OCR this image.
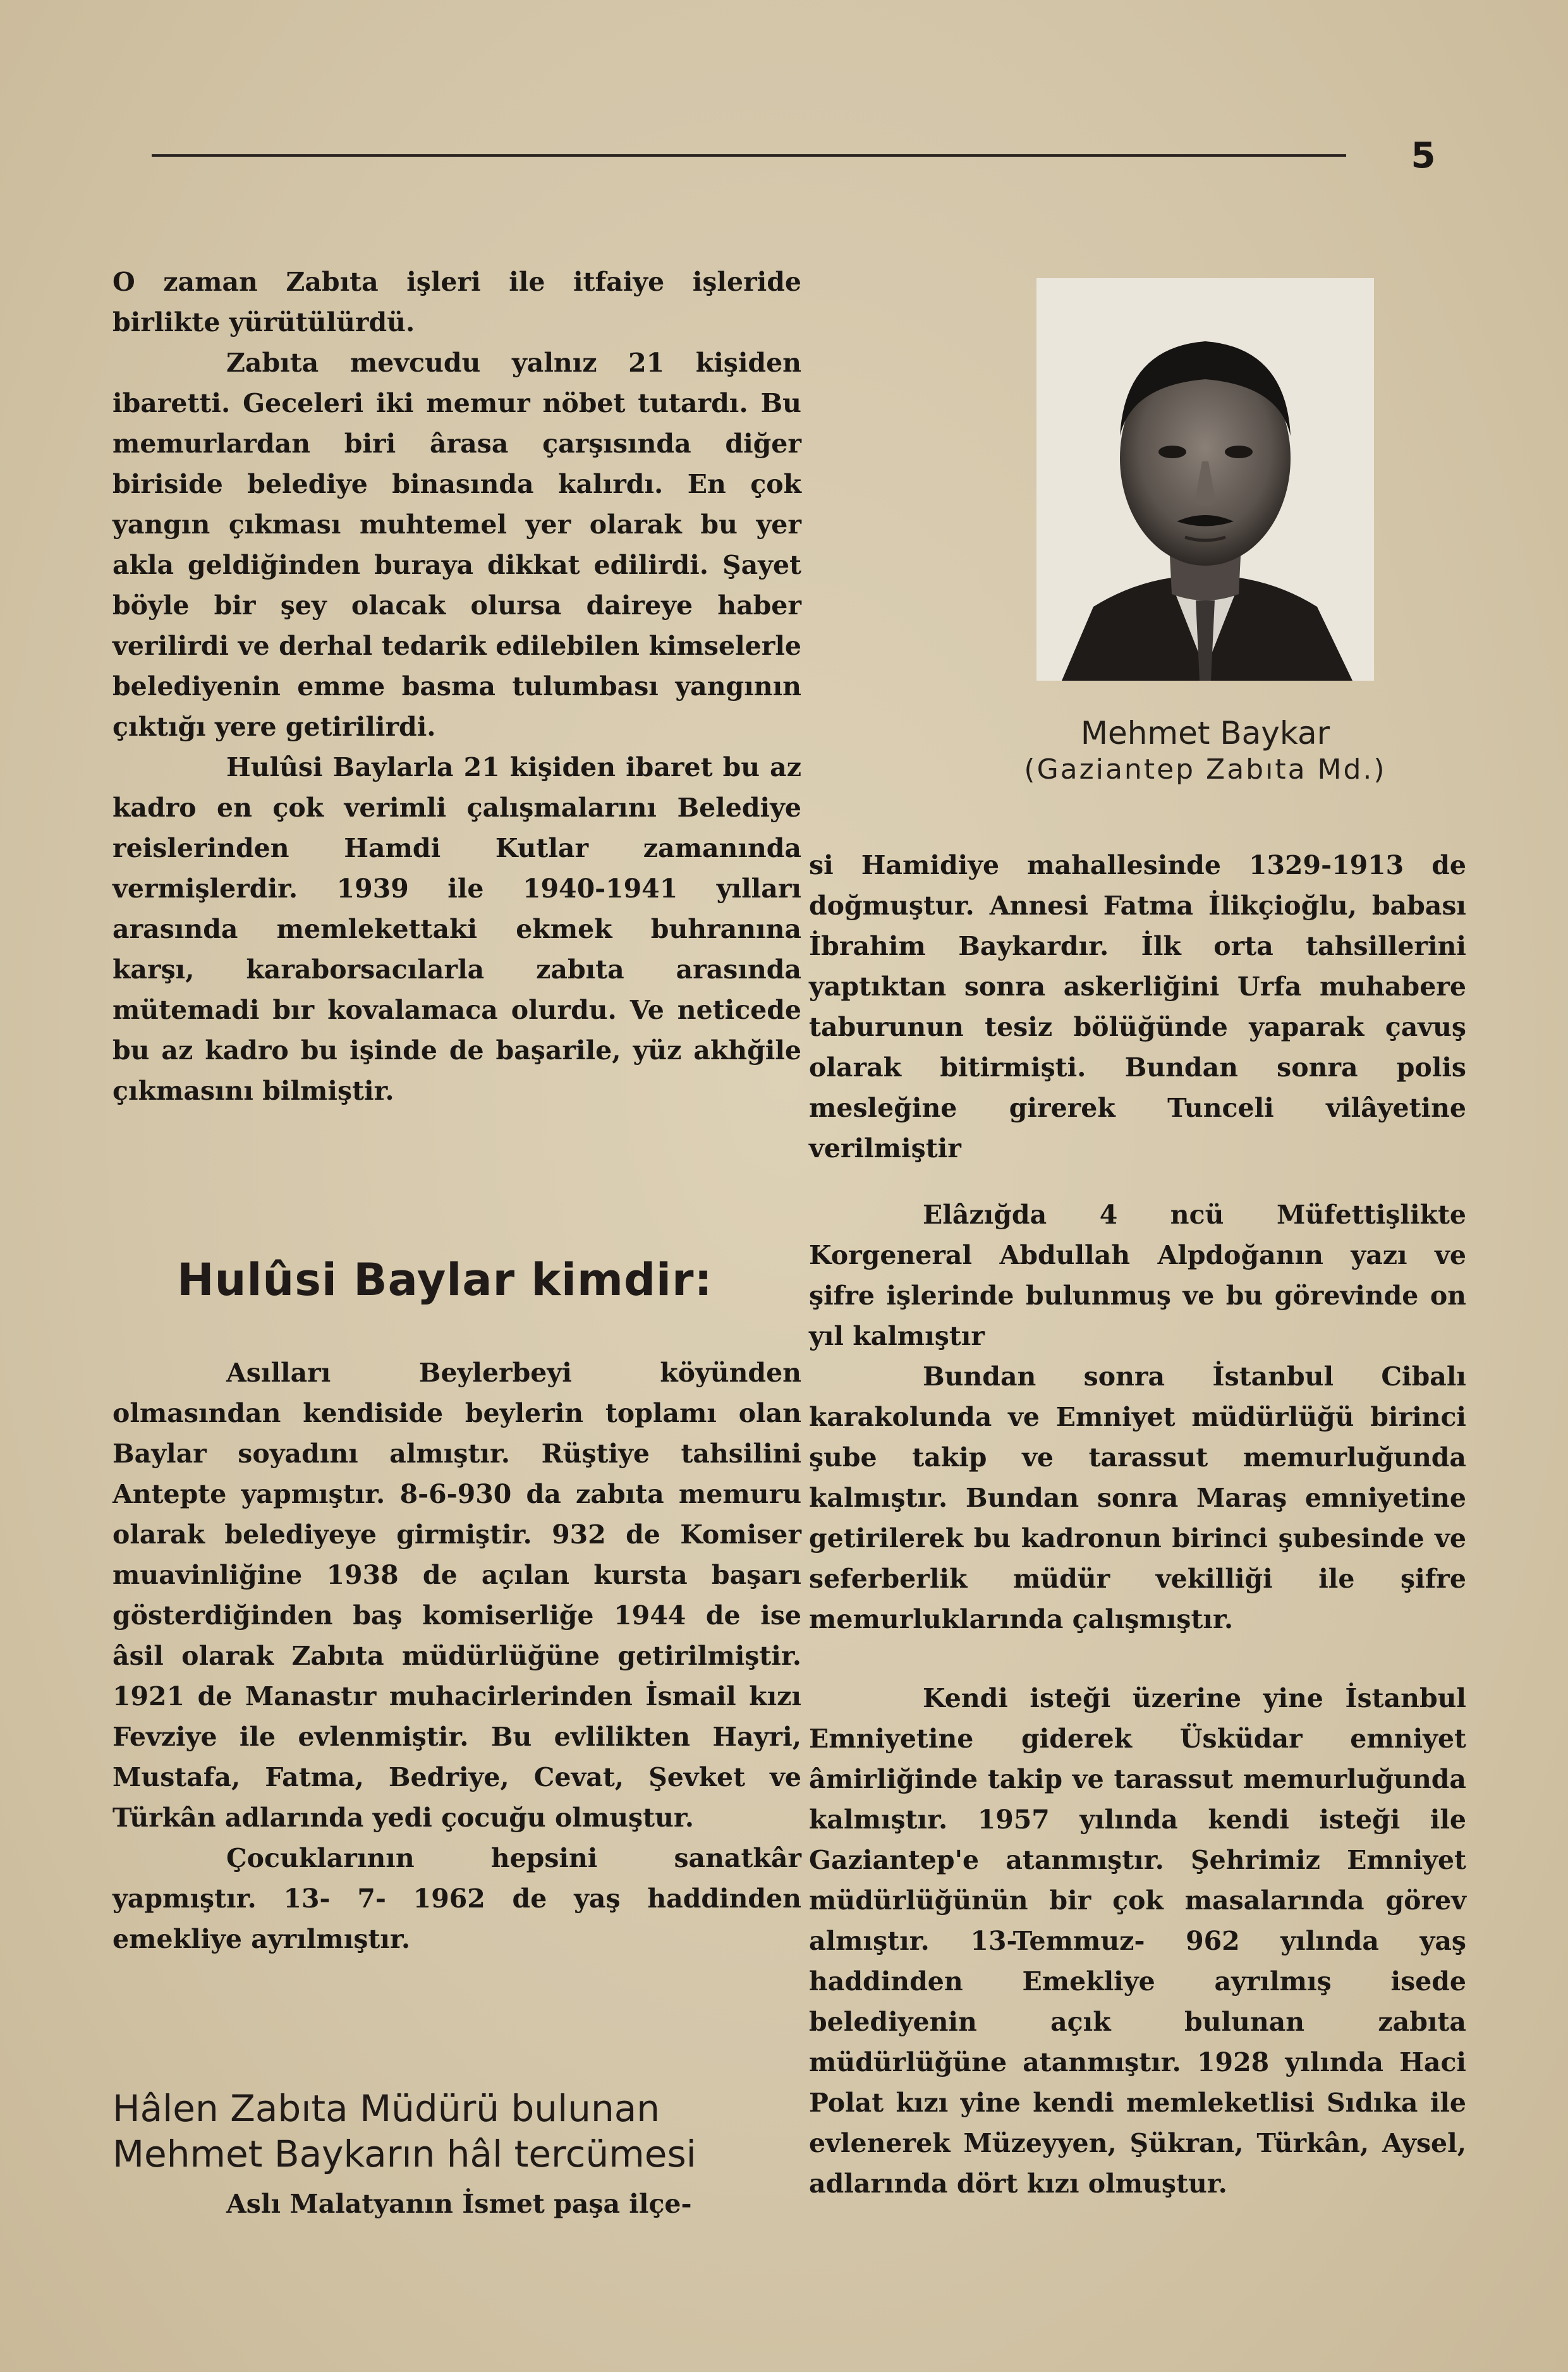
5

O zaman Zabıta işleri ile itfaiye işleride birlikte yürütülürdü.

Zabıta mevcudu yalnız 21 kişiden ibaretti. Geceleri iki memur nöbet tutardı. Bu memurlardan biri ârasa çarşısında diğer biriside belediye binasında kalırdı. En çok yangın çıkması muhtemel yer olarak bu yer akla geldiğinden buraya dikkat edilirdi. Şayet böyle bir şey olacak olursa daireye haber verilirdi ve derhal tedarik edilebilen kimselerle belediyenin emme basma tulumbası yangının çıktığı yere getirilirdi.

Hulûsi Baylarla 21 kişiden ibaret bu az kadro en çok verimli çalışmalarını Belediye reislerinden Hamdi Kutlar zamanında vermişlerdir. 1939 ile 1940-1941 yılları arasında memlekettaki ekmek buhranına karşı, karaborsacılarla zabıta arasında mütemadi bır kovalamaca olurdu. Ve neticede bu az kadro bu işinde de başarile, yüz akhğile çıkmasını bilmiştir.

Hulûsi Baylar kimdir:

Asılları Beylerbeyi köyünden olmasından kendiside beylerin toplamı olan Baylar soyadını almıştır. Rüştiye tahsilini Antepte yapmıştır. 8-6-930 da zabıta memuru olarak belediyeye girmiştir. 932 de Komiser muavinliğine 1938 de açılan kursta başarı gösterdiğinden baş komiserliğe 1944 de ise âsil olarak Zabıta müdürlüğüne getirilmiştir. 1921 de Manastır muhacirlerinden İsmail kızı Fevziye ile evlenmiştir. Bu evlilikten Hayri, Mustafa, Fatma, Bedriye, Cevat, Şevket ve Türkân adlarında yedi çocuğu olmuştur.

Çocuklarının hepsini sanatkâr yapmıştır. 13- 7- 1962 de yaş haddinden emekliye ayrılmıştır.

Hâlen Zabıta Müdürü bulunan Mehmet Baykarın hâl tercümesi

Aslı Malatyanın İsmet paşa ilçe-

Mehmet Baykar
(Gaziantep Zabıta Md.)

si Hamidiye mahallesinde 1329-1913 de doğmuştur. Annesi Fatma İlikçioğlu, babası İbrahim Baykardır. İlk orta tahsillerini yaptıktan sonra askerliğini Urfa muhabere taburunun tesiz bölüğünde yaparak çavuş olarak bitirmişti. Bundan sonra polis mesleğine girerek Tunceli vilâyetine verilmiştir

Elâzığda 4 ncü Müfettişlikte Korgeneral Abdullah Alpdoğanın yazı ve şifre işlerinde bulunmuş ve bu görevinde on yıl kalmıştır

Bundan sonra İstanbul Cibalı karakolunda ve Emniyet müdürlüğü birinci şube takip ve tarassut memurluğunda kalmıştır. Bundan sonra Maraş emniyetine getirilerek bu kadronun birinci şubesinde ve seferberlik müdür vekilliği ile şifre memurluklarında çalışmıştır.

Kendi isteği üzerine yine İstanbul Emniyetine giderek Üsküdar emniyet âmirliğinde takip ve tarassut memurluğunda kalmıştır. 1957 yılında kendi isteği ile Gaziantep'e atanmıştır. Şehrimiz Emniyet müdürlüğünün bir çok masalarında görev almıştır. 13-Temmuz- 962 yılında yaş haddinden Emekliye ayrılmış isede belediyenin açık bulunan zabıta müdürlüğüne atanmıştır. 1928 yılında Haci Polat kızı yine kendi memleketlisi Sıdıka ile evlenerek Müzeyyen, Şükran, Türkân, Aysel, adlarında dört kızı olmuştur.
